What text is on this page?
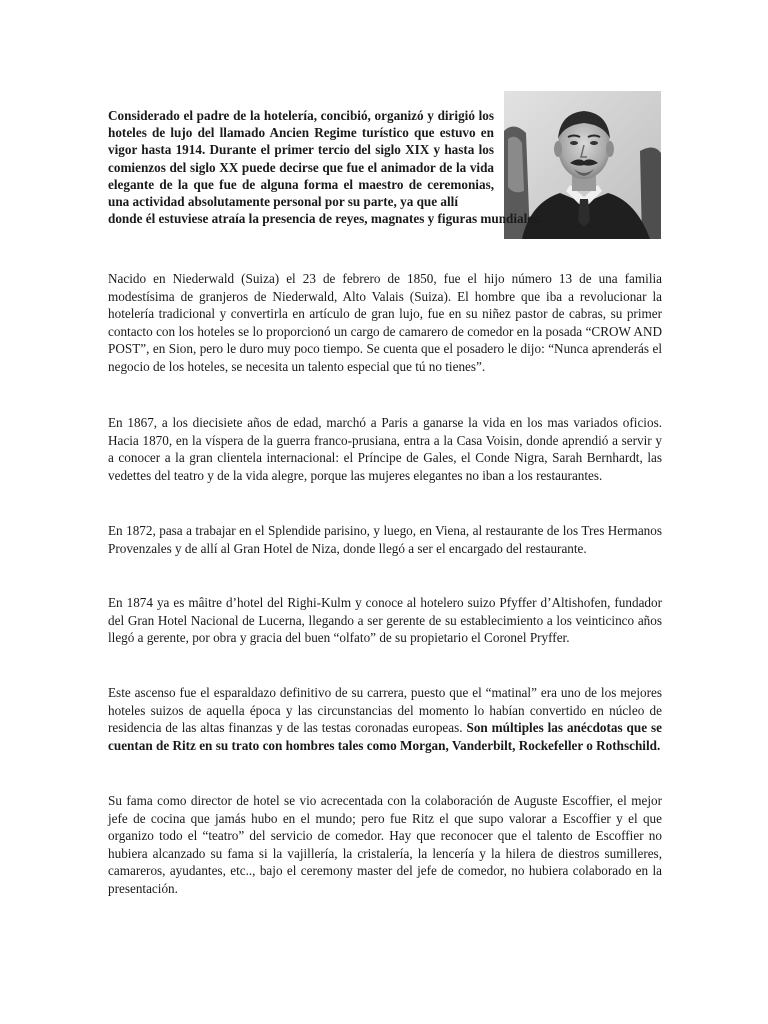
Considerado el padre de la hotelería, concibió, organizó y dirigió los hoteles de lujo del llamado Ancien Regime turístico que estuvo en vigor hasta 1914. Durante el primer tercio del siglo XIX y hasta los comienzos del siglo XX puede decirse que fue el animador de la vida elegante de la que fue de alguna forma el maestro de ceremonias, una actividad absolutamente personal por su parte, ya que allí
donde él estuviese atraía la presencia de reyes, magnates y figuras mundiales.

Nacido en Niederwald (Suiza) el 23 de febrero de 1850, fue el hijo número 13 de una familia modestísima de granjeros de Niederwald, Alto Valais (Suiza). El hombre que iba a revolucionar la hotelería tradicional y convertirla en artículo de gran lujo, fue en su niñez pastor de cabras, su primer contacto con los hoteles se lo proporcionó un cargo de camarero de comedor en la posada “CROW AND POST”, en Sion, pero le duro muy poco tiempo. Se cuenta que el posadero le dijo: “Nunca aprenderás el negocio de los hoteles, se necesita un talento especial que tú no tienes”.

En 1867, a los diecisiete años de edad, marchó a Paris a ganarse la vida en los mas variados oficios. Hacia 1870, en la víspera de la guerra franco-prusiana, entra a la Casa Voisin, donde aprendió a servir y a conocer a la gran clientela internacional: el Príncipe de Gales, el Conde Nigra, Sarah Bernhardt, las vedettes del teatro y de la vida alegre, porque las mujeres elegantes no iban a los restaurantes.

En 1872, pasa a trabajar en el Splendide parisino, y luego, en Viena, al restaurante de los Tres Hermanos Provenzales y de allí al Gran Hotel de Niza, donde llegó a ser el encargado del restaurante.

En 1874 ya es mâitre d’hotel del Righi-Kulm y conoce al hotelero suizo Pfyffer d’Altishofen, fundador del Gran Hotel Nacional de Lucerna, llegando a ser gerente de su establecimiento a los veinticinco años llegó a gerente, por obra y gracia del buen “olfato” de su propietario el Coronel Pryffer.

Este ascenso fue el esparaldazo definitivo de su carrera, puesto que el “matinal” era uno de los mejores hoteles suizos de aquella época y las circunstancias del momento lo habían convertido en núcleo de residencia de las altas finanzas y de las testas coronadas europeas. Son múltiples las anécdotas que se cuentan de Ritz en su trato con hombres tales como Morgan, Vanderbilt, Rockefeller o Rothschild.

Su fama como director de hotel se vio acrecentada con la colaboración de Auguste Escoffier, el mejor jefe de cocina que jamás hubo en el mundo; pero fue Ritz el que supo valorar a Escoffier y el que organizo todo el “teatro” del servicio de comedor. Hay que reconocer que el talento de Escoffier no hubiera alcanzado su fama si la vajillería, la cristalería, la lencería y la hilera de diestros sumilleres, camareros, ayudantes, etc.., bajo el ceremony master del jefe de comedor, no hubiera colaborado en la presentación.
